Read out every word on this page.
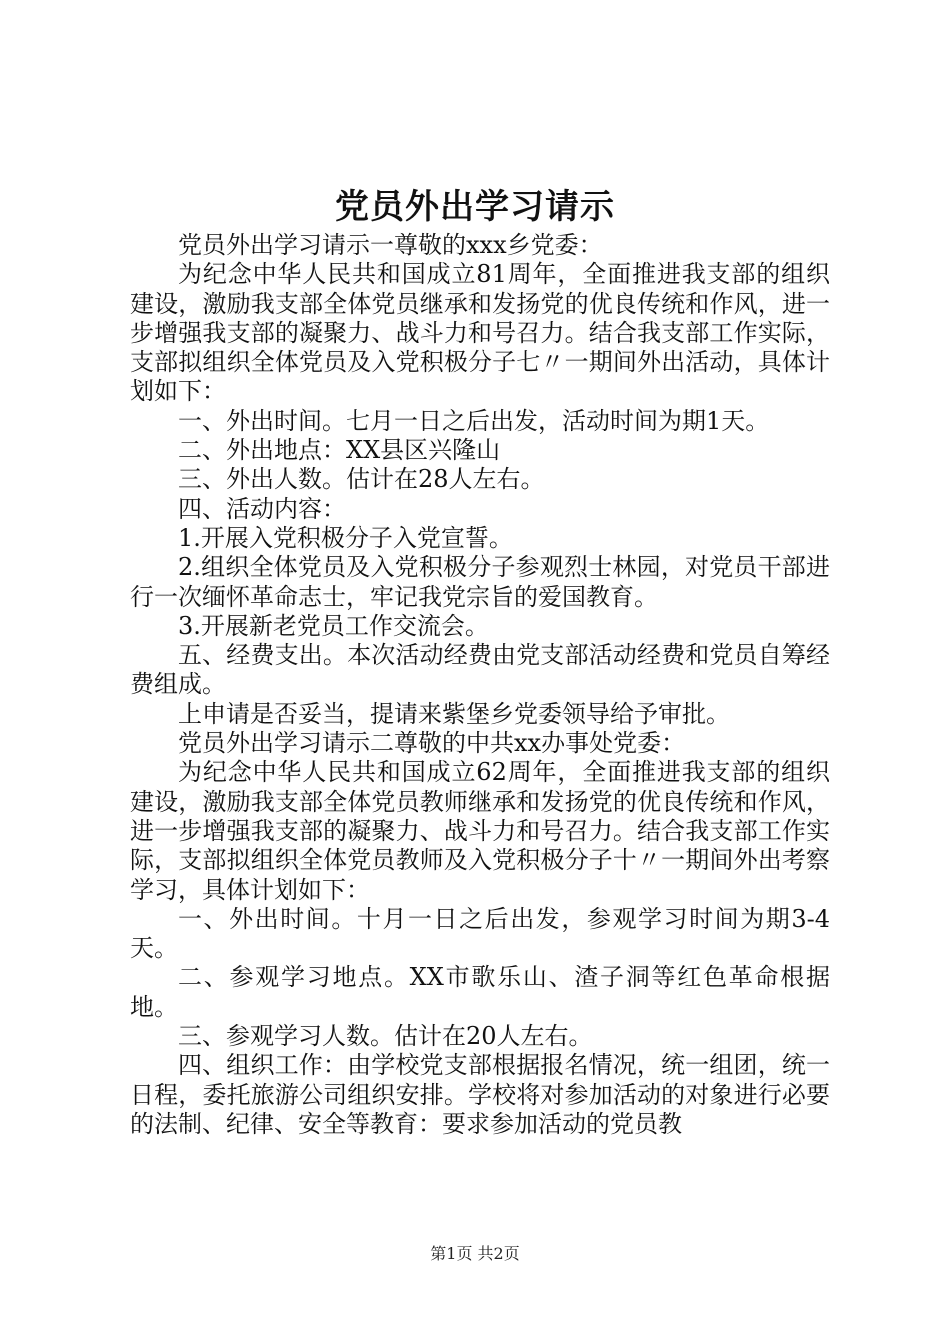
党员外出学习请示

党员外出学习请示一尊敬的xxx乡党委：

为纪念中华人民共和国成立81周年，全面推进我支部的组织建设，激励我支部全体党员继承和发扬党的优良传统和作风，进一步增强我支部的凝聚力、战斗力和号召力。结合我支部工作实际，支部拟组织全体党员及入党积极分子七〃一期间外出活动，具体计划如下：

一、外出时间。七月一日之后出发，活动时间为期1天。

二、外出地点：XX县区兴隆山

三、外出人数。估计在28人左右。

四、活动内容：

1.开展入党积极分子入党宣誓。

2.组织全体党员及入党积极分子参观烈士林园，对党员干部进行一次缅怀革命志士，牢记我党宗旨的爱国教育。

3.开展新老党员工作交流会。

五、经费支出。本次活动经费由党支部活动经费和党员自筹经费组成。

上申请是否妥当，提请来紫堡乡党委领导给予审批。

党员外出学习请示二尊敬的中共xx办事处党委：

为纪念中华人民共和国成立62周年，全面推进我支部的组织建设，激励我支部全体党员教师继承和发扬党的优良传统和作风，进一步增强我支部的凝聚力、战斗力和号召力。结合我支部工作实际，支部拟组织全体党员教师及入党积极分子十〃一期间外出考察学习，具体计划如下：

一、外出时间。十月一日之后出发，参观学习时间为期3-4天。

二、参观学习地点。XX市歌乐山、渣子洞等红色革命根据地。

三、参观学习人数。估计在20人左右。

四、组织工作：由学校党支部根据报名情况，统一组团，统一日程，委托旅游公司组织安排。学校将对参加活动的对象进行必要的法制、纪律、安全等教育：要求参加活动的党员教

第1页 共2页
